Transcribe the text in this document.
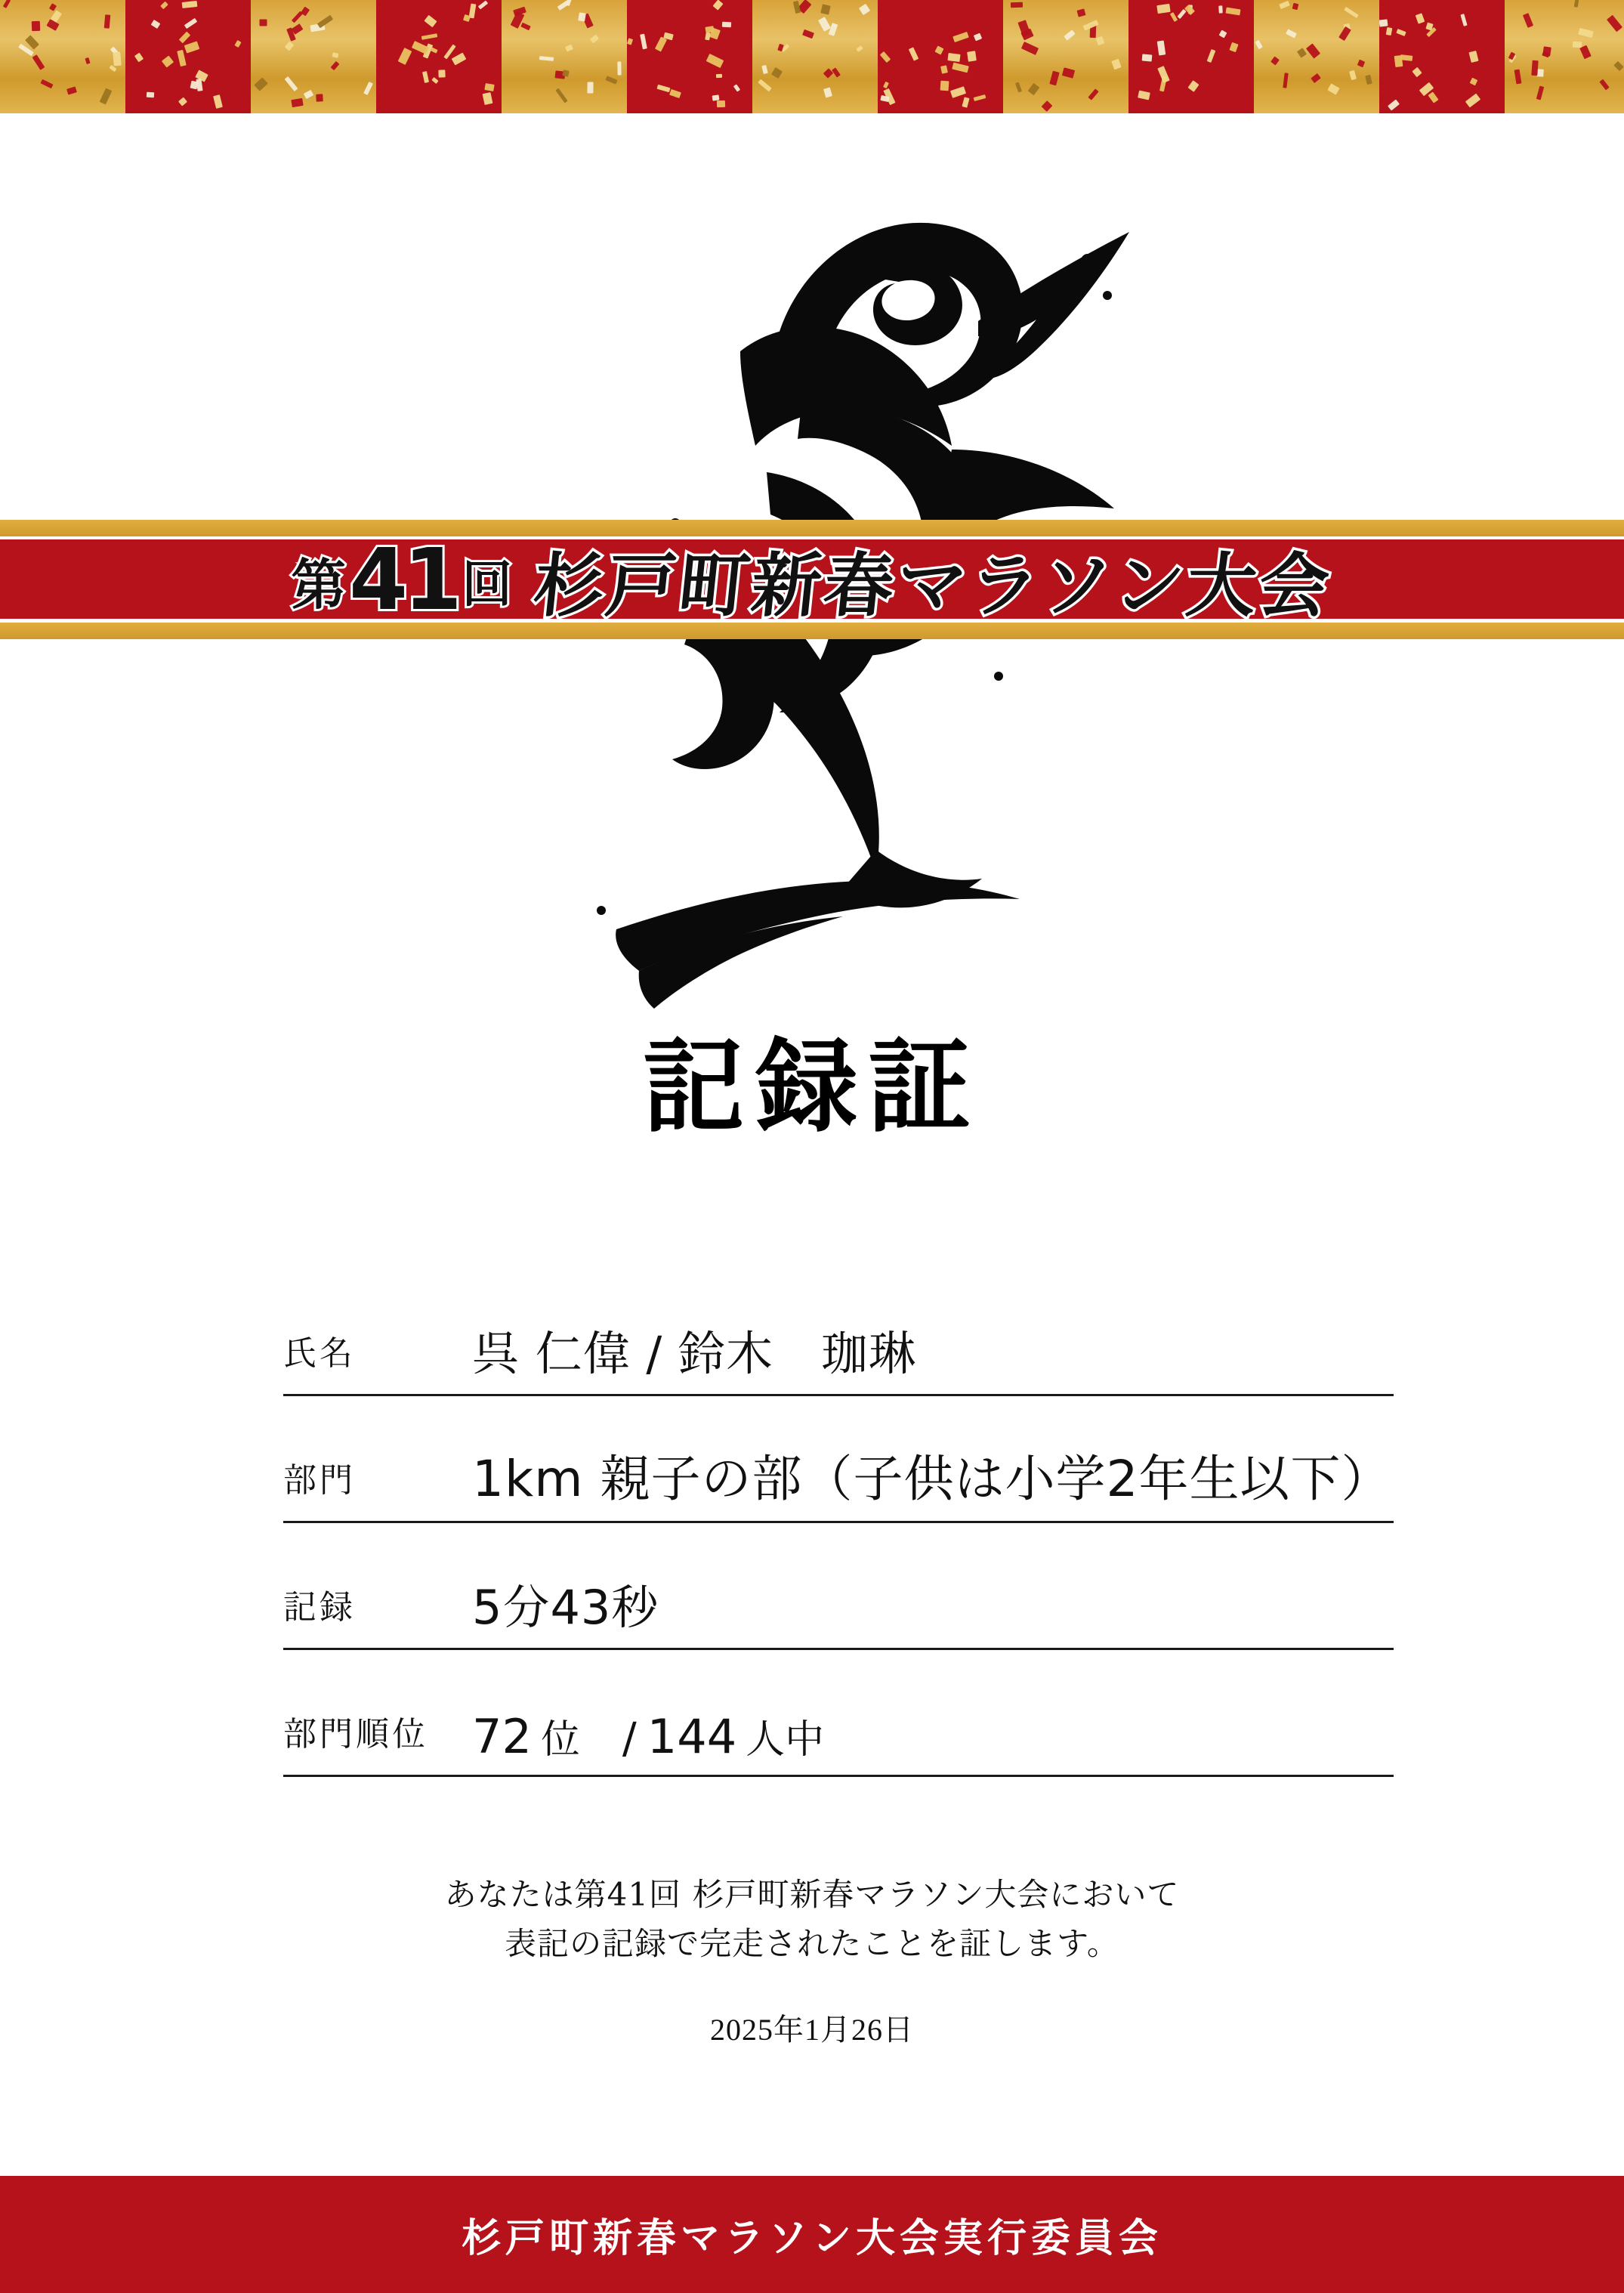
第 41 回 杉戸町新春マラソン大会
記録証
氏名	呉 仁偉 / 鈴木　珈琳
部門	1km 親子の部（子供は小学2年生以下）
記録	5分43秒
部門順位 72 位 / 144 人中
あなたは第41回 杉戸町新春マラソン大会において
表記の記録で完走されたことを証します。
2025年1月26日
杉戸町新春マラソン大会実行委員会
